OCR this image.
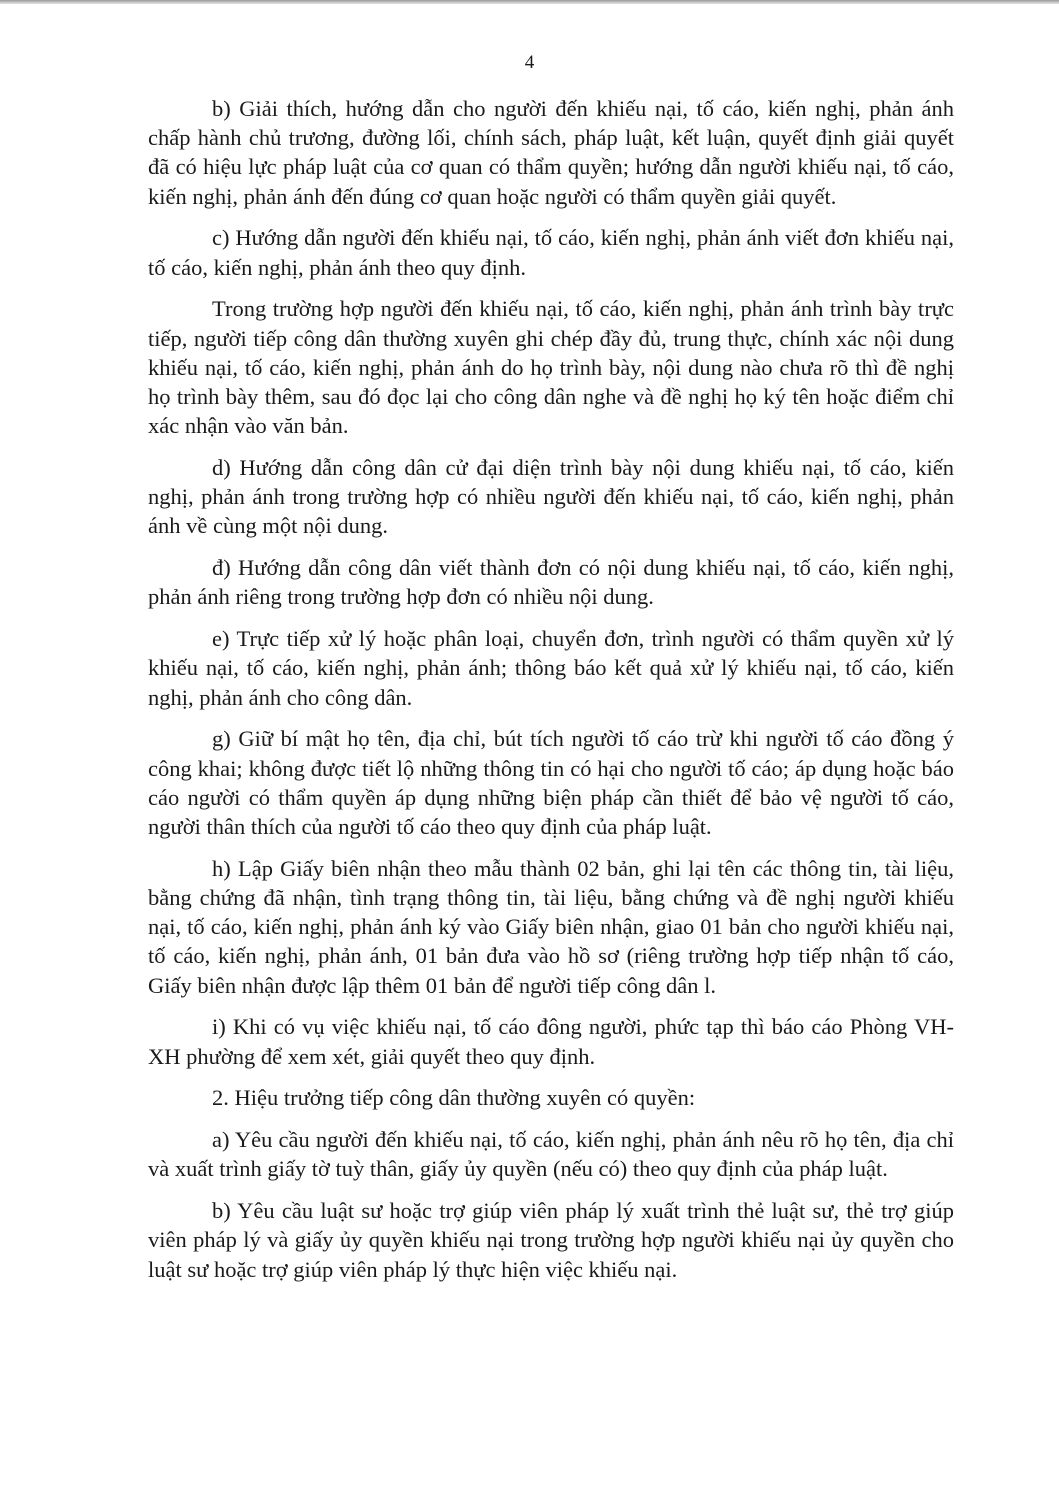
4

b) Giải thích, hướng dẫn cho người đến khiếu nại, tố cáo, kiến nghị, phản ánh chấp hành chủ trương, đường lối, chính sách, pháp luật, kết luận, quyết định giải quyết đã có hiệu lực pháp luật của cơ quan có thẩm quyền; hướng dẫn người khiếu nại, tố cáo, kiến nghị, phản ánh đến đúng cơ quan hoặc người có thẩm quyền giải quyết.

c) Hướng dẫn người đến khiếu nại, tố cáo, kiến nghị, phản ánh viết đơn khiếu nại, tố cáo, kiến nghị, phản ánh theo quy định.

Trong trường hợp người đến khiếu nại, tố cáo, kiến nghị, phản ánh trình bày trực tiếp, người tiếp công dân thường xuyên ghi chép đầy đủ, trung thực, chính xác nội dung khiếu nại, tố cáo, kiến nghị, phản ánh do họ trình bày, nội dung nào chưa rõ thì đề nghị họ trình bày thêm, sau đó đọc lại cho công dân nghe và đề nghị họ ký tên hoặc điểm chỉ xác nhận vào văn bản.

d) Hướng dẫn công dân cử đại diện trình bày nội dung khiếu nại, tố cáo, kiến nghị, phản ánh trong trường hợp có nhiều người đến khiếu nại, tố cáo, kiến nghị, phản ánh về cùng một nội dung.

đ) Hướng dẫn công dân viết thành đơn có nội dung khiếu nại, tố cáo, kiến nghị, phản ánh riêng trong trường hợp đơn có nhiều nội dung.

e) Trực tiếp xử lý hoặc phân loại, chuyển đơn, trình người có thẩm quyền xử lý khiếu nại, tố cáo, kiến nghị, phản ánh; thông báo kết quả xử lý khiếu nại, tố cáo, kiến nghị, phản ánh cho công dân.

g) Giữ bí mật họ tên, địa chỉ, bút tích người tố cáo trừ khi người tố cáo đồng ý công khai; không được tiết lộ những thông tin có hại cho người tố cáo; áp dụng hoặc báo cáo người có thẩm quyền áp dụng những biện pháp cần thiết để bảo vệ người tố cáo, người thân thích của người tố cáo theo quy định của pháp luật.

h) Lập Giấy biên nhận theo mẫu thành 02 bản, ghi lại tên các thông tin, tài liệu, bằng chứng đã nhận, tình trạng thông tin, tài liệu, bằng chứng và đề nghị người khiếu nại, tố cáo, kiến nghị, phản ánh ký vào Giấy biên nhận, giao 01 bản cho người khiếu nại, tố cáo, kiến nghị, phản ánh, 01 bản đưa vào hồ sơ (riêng trường hợp tiếp nhận tố cáo, Giấy biên nhận được lập thêm 01 bản để người tiếp công dân l.

i) Khi có vụ việc khiếu nại, tố cáo đông người, phức tạp thì báo cáo Phòng VH-XH phường để xem xét, giải quyết theo quy định.

2. Hiệu trưởng tiếp công dân thường xuyên có quyền:

a) Yêu cầu người đến khiếu nại, tố cáo, kiến nghị, phản ánh nêu rõ họ tên, địa chỉ và xuất trình giấy tờ tuỳ thân, giấy ủy quyền (nếu có) theo quy định của pháp luật.

b) Yêu cầu luật sư hoặc trợ giúp viên pháp lý xuất trình thẻ luật sư, thẻ trợ giúp viên pháp lý và giấy ủy quyền khiếu nại trong trường hợp người khiếu nại ủy quyền cho luật sư hoặc trợ giúp viên pháp lý thực hiện việc khiếu nại.
